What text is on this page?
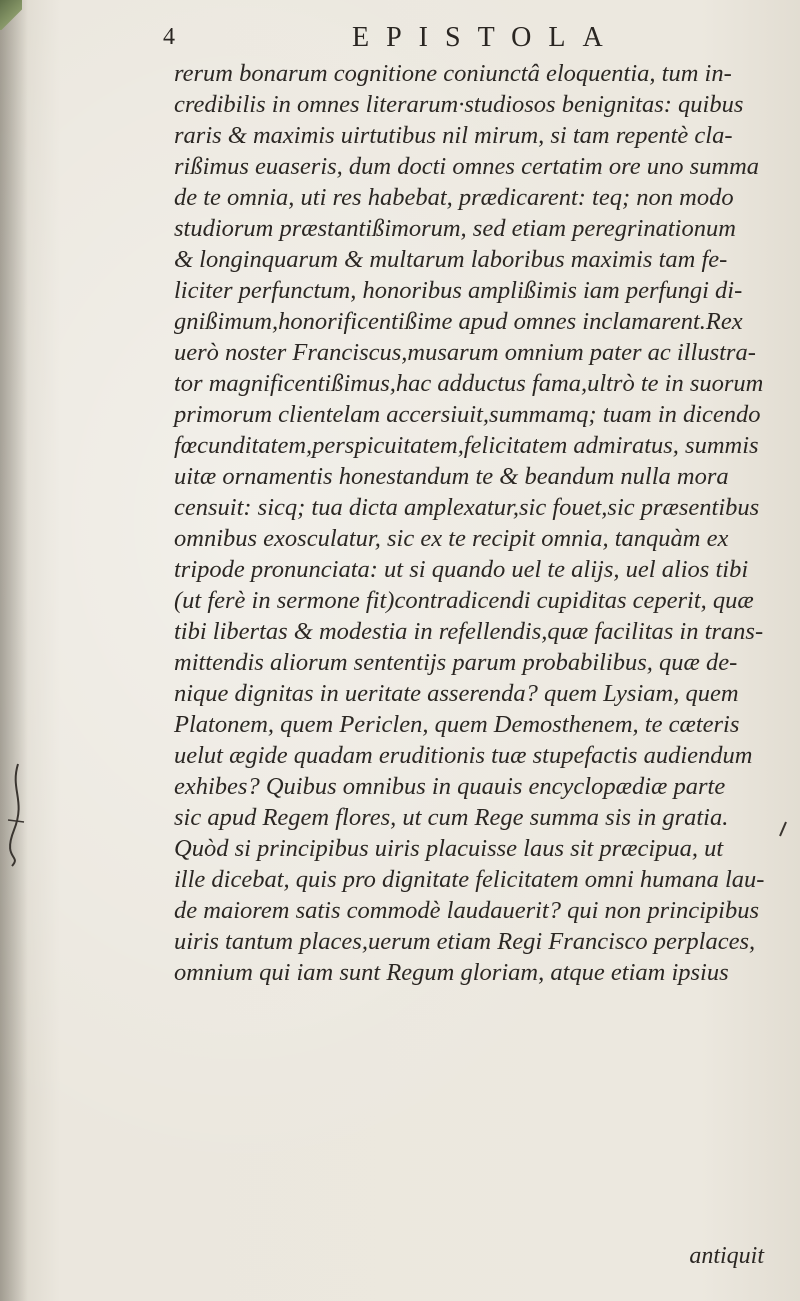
4	EPISTOLA

rerum bonarum cognitione coniunctâ eloquentia, tum in-
credibilis in omnes literarum·studiosos benignitas: quibus
raris & maximis uirtutibus nil mirum, si tam repentè cla-
rißimus euaseris, dum docti omnes certatim ore uno summa
de te omnia, uti res habebat, prædicarent: teq; non modo
studiorum præstantißimorum, sed etiam peregrinationum
& longinquarum & multarum laboribus maximis tam fe-
liciter perfunctum, honoribus amplißimis iam perfungi di-
gnißimum,honorificentißime apud omnes inclamarent.Rex
uerò noster Franciscus,musarum omnium pater ac illustra-
tor magnificentißimus,hac adductus fama,ultrò te in suorum
primorum clientelam accersiuit,summamq; tuam in dicendo
fœcunditatem,perspicuitatem,felicitatem admiratus, summis
uitæ ornamentis honestandum te & beandum nulla mora
censuit: sicq; tua dicta amplexatur,sic fouet,sic præsentibus
omnibus exosculatur, sic ex te recipit omnia, tanquàm ex
tripode pronunciata: ut si quando uel te alijs, uel alios tibi
(ut ferè in sermone fit)contradicendi cupiditas ceperit, quæ
tibi libertas & modestia in refellendis,quæ facilitas in trans-
mittendis aliorum sententijs parum probabilibus, quæ de-
nique dignitas in ueritate asserenda? quem Lysiam, quem
Platonem, quem Periclen, quem Demosthenem, te cæteris
uelut ægide quadam eruditionis tuæ stupefactis audiendum
exhibes? Quibus omnibus in quauis encyclopædiæ parte
sic apud Regem flores, ut cum Rege summa sis in gratia.
Quòd si principibus uiris placuisse laus sit præcipua, ut
ille dicebat, quis pro dignitate felicitatem omni humana lau-
de maiorem satis commodè laudauerit? qui non principibus
uiris tantum places,uerum etiam Regi Francisco perplaces,
omnium qui iam sunt Regum gloriam, atque etiam ipsius

antiquit
